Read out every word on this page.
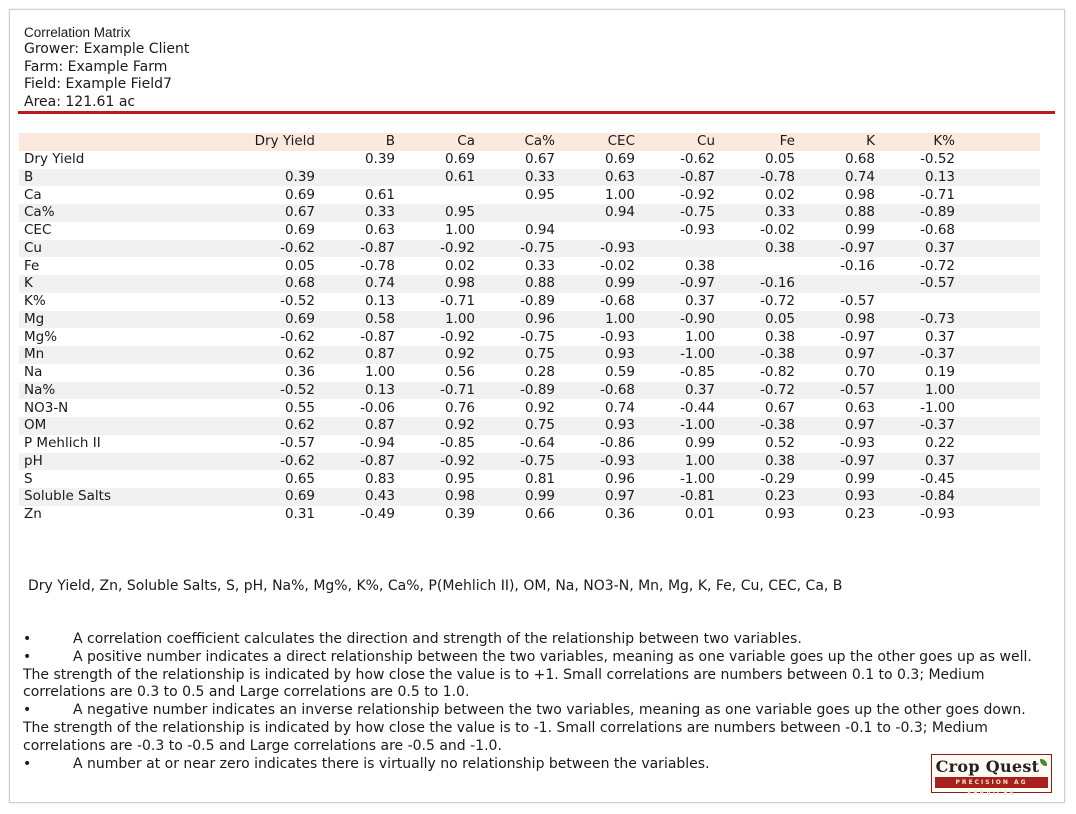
Correlation Matrix
Grower: Example Client
Farm: Example Farm
Field: Example Field7
Area: 121.61 ac
	Dry Yield	B	Ca	Ca%	CEC	Cu	Fe	K	K%	
Dry Yield		0.39	0.69	0.67	0.69	-0.62	0.05	0.68	-0.52	
B	0.39		0.61	0.33	0.63	-0.87	-0.78	0.74	0.13	
Ca	0.69	0.61		0.95	1.00	-0.92	0.02	0.98	-0.71	
Ca%	0.67	0.33	0.95		0.94	-0.75	0.33	0.88	-0.89	
CEC	0.69	0.63	1.00	0.94		-0.93	-0.02	0.99	-0.68	
Cu	-0.62	-0.87	-0.92	-0.75	-0.93		0.38	-0.97	0.37	
Fe	0.05	-0.78	0.02	0.33	-0.02	0.38		-0.16	-0.72	
K	0.68	0.74	0.98	0.88	0.99	-0.97	-0.16		-0.57	
K%	-0.52	0.13	-0.71	-0.89	-0.68	0.37	-0.72	-0.57		
Mg	0.69	0.58	1.00	0.96	1.00	-0.90	0.05	0.98	-0.73	
Mg%	-0.62	-0.87	-0.92	-0.75	-0.93	1.00	0.38	-0.97	0.37	
Mn	0.62	0.87	0.92	0.75	0.93	-1.00	-0.38	0.97	-0.37	
Na	0.36	1.00	0.56	0.28	0.59	-0.85	-0.82	0.70	0.19	
Na%	-0.52	0.13	-0.71	-0.89	-0.68	0.37	-0.72	-0.57	1.00	
NO3-N	0.55	-0.06	0.76	0.92	0.74	-0.44	0.67	0.63	-1.00	
OM	0.62	0.87	0.92	0.75	0.93	-1.00	-0.38	0.97	-0.37	
P Mehlich II	-0.57	-0.94	-0.85	-0.64	-0.86	0.99	0.52	-0.93	0.22	
pH	-0.62	-0.87	-0.92	-0.75	-0.93	1.00	0.38	-0.97	0.37	
S	0.65	0.83	0.95	0.81	0.96	-1.00	-0.29	0.99	-0.45	
Soluble Salts	0.69	0.43	0.98	0.99	0.97	-0.81	0.23	0.93	-0.84	
Zn	0.31	-0.49	0.39	0.66	0.36	0.01	0.93	0.23	-0.93	
Dry Yield, Zn, Soluble Salts, S, pH, Na%, Mg%, K%, Ca%, P(Mehlich II), OM, Na, NO3-N, Mn, Mg, K, Fe, Cu, CEC, Ca, B

•	A correlation coefficient calculates the direction and strength of the relationship between two variables.

•	A positive number indicates a direct relationship between the two variables, meaning as one variable goes up the other goes up as well. The strength of the relationship is indicated by how close the value is to +1. Small correlations are numbers between 0.1 to 0.3; Medium correlations are 0.3 to 0.5 and Large correlations are 0.5 to 1.0.

•	A negative number indicates an inverse relationship between the two variables, meaning as one variable goes up the other goes down. The strength of the relationship is indicated by how close the value is to -1. Small correlations are numbers between -0.1 to -0.3; Medium correlations are -0.3 to -0.5 and Large correlations are -0.5 and -1.0.

•	A number at or near zero indicates there is virtually no relationship between the variables.	Crop Quest
PRECISION AG SERVICES
